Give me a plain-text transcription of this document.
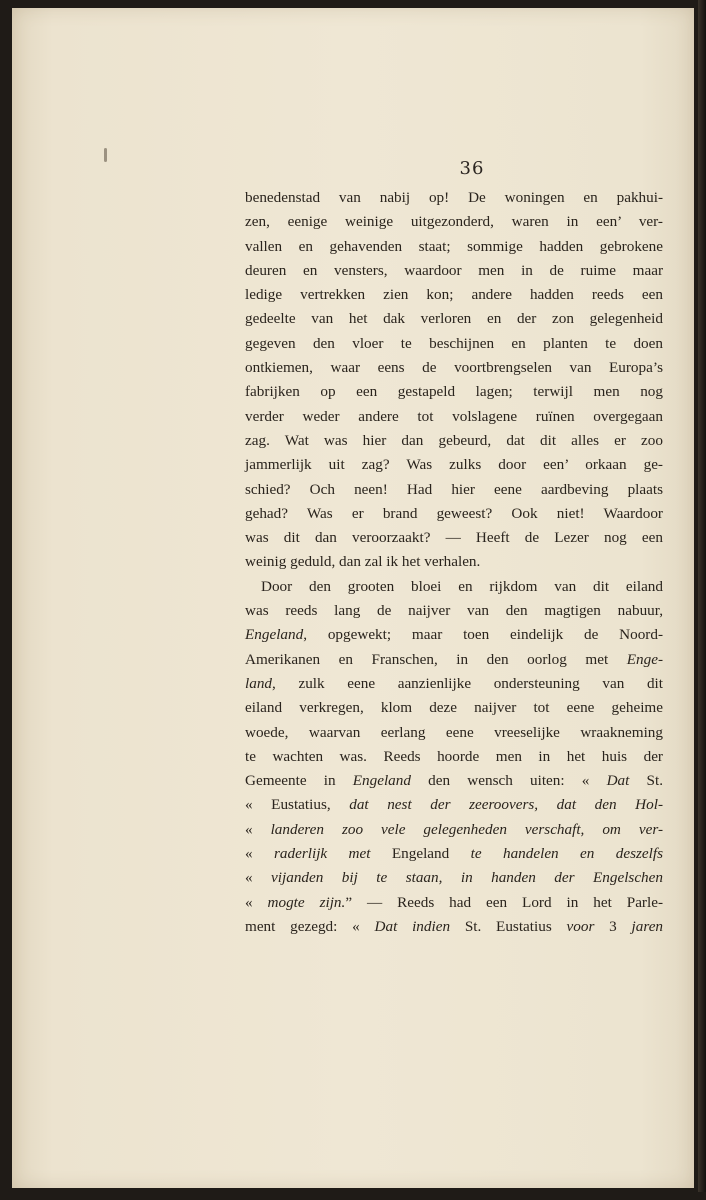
36
benedenstad van nabij op! De woningen en pakhui-
zen, eenige weinige uitgezonderd, waren in een’ ver-
vallen en gehavenden staat; sommige hadden gebrokene
deuren en vensters, waardoor men in de ruime maar
ledige vertrekken zien kon; andere hadden reeds een
gedeelte van het dak verloren en der zon gelegenheid
gegeven den vloer te beschijnen en planten te doen
ontkiemen, waar eens de voortbrengselen van Europa’s
fabrijken op een gestapeld lagen; terwijl men nog
verder weder andere tot volslagene ruïnen overgegaan
zag. Wat was hier dan gebeurd, dat dit alles er zoo
jammerlijk uit zag? Was zulks door een’ orkaan ge-
schied? Och neen! Had hier eene aardbeving plaats
gehad? Was er brand geweest? Ook niet! Waardoor
was dit dan veroorzaakt? — Heeft de Lezer nog een
weinig geduld, dan zal ik het verhalen.
Door den grooten bloei en rijkdom van dit eiland
was reeds lang de naijver van den magtigen nabuur,
Engeland, opgewekt; maar toen eindelijk de Noord-
Amerikanen en Franschen, in den oorlog met Enge-
land, zulk eene aanzienlijke ondersteuning van dit
eiland verkregen, klom deze naijver tot eene geheime
woede, waarvan eerlang eene vreeselijke wraakneming
te wachten was. Reeds hoorde men in het huis der
Gemeente in Engeland den wensch uiten: « Dat St.
« Eustatius, dat nest der zeeroovers, dat den Hol-
« landeren zoo vele gelegenheden verschaft, om ver-
« raderlijk met Engeland te handelen en deszelfs
« vijanden bij te staan, in handen der Engelschen
« mogte zijn.” — Reeds had een Lord in het Parle-
ment gezegd: « Dat indien St. Eustatius voor 3 jaren
